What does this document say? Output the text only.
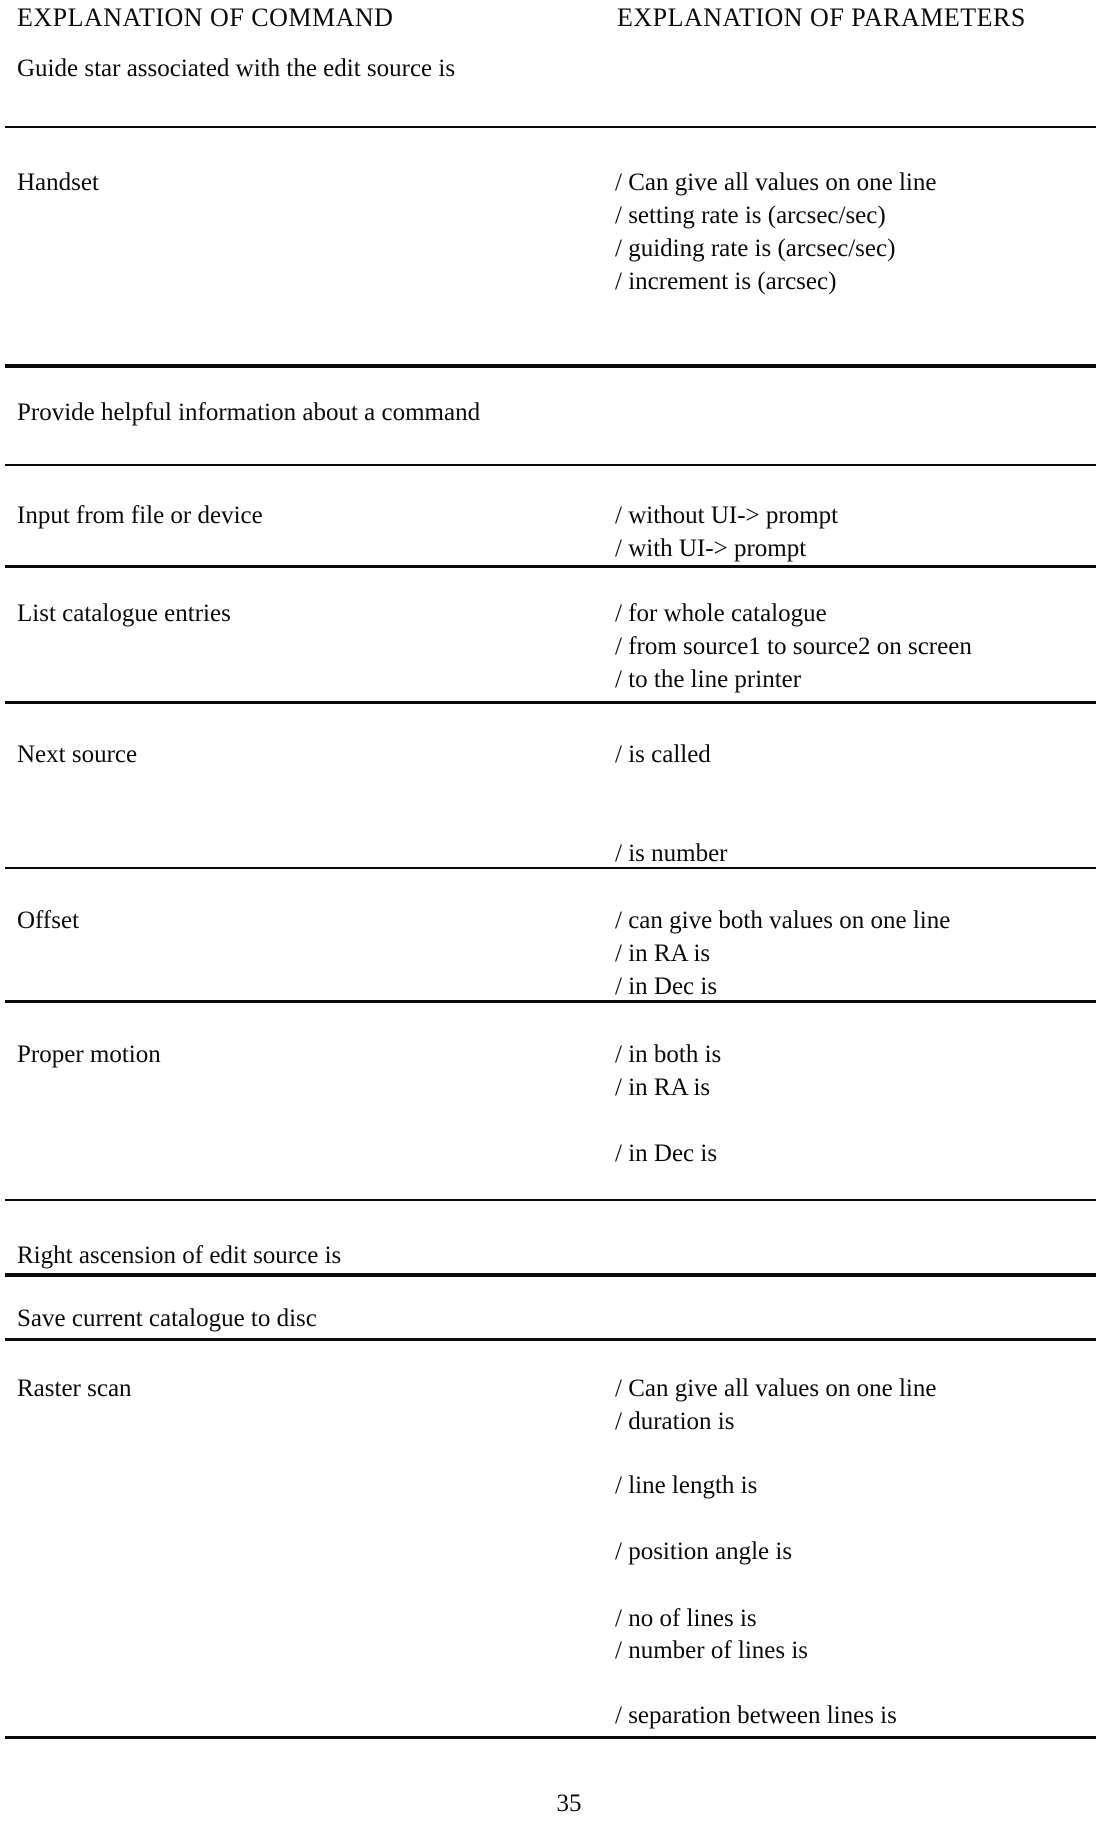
EXPLANATION OF COMMAND	EXPLANATION OF PARAMETERS
Guide star associated with the edit source is
Handset	/ Can give all values on one line
/ setting rate is (arcsec/sec)
/ guiding rate is (arcsec/sec)
/ increment is (arcsec)
Provide helpful information about a command
Input from file or device	/ without UI-> prompt
/ with UI-> prompt
List catalogue entries	/ for whole catalogue
/ from source1 to source2 on screen
/ to the line printer
Next source	/ is called
/ is number
Offset	/ can give both values on one line
/ in RA is
/ in Dec is
Proper motion	/ in both is
/ in RA is
/ in Dec is
Right ascension of edit source is
Save current catalogue to disc
Raster scan	/ Can give all values on one line
/ duration is
/ line length is
/ position angle is
/ no of lines is
/ number of lines is
/ separation between lines is
35
